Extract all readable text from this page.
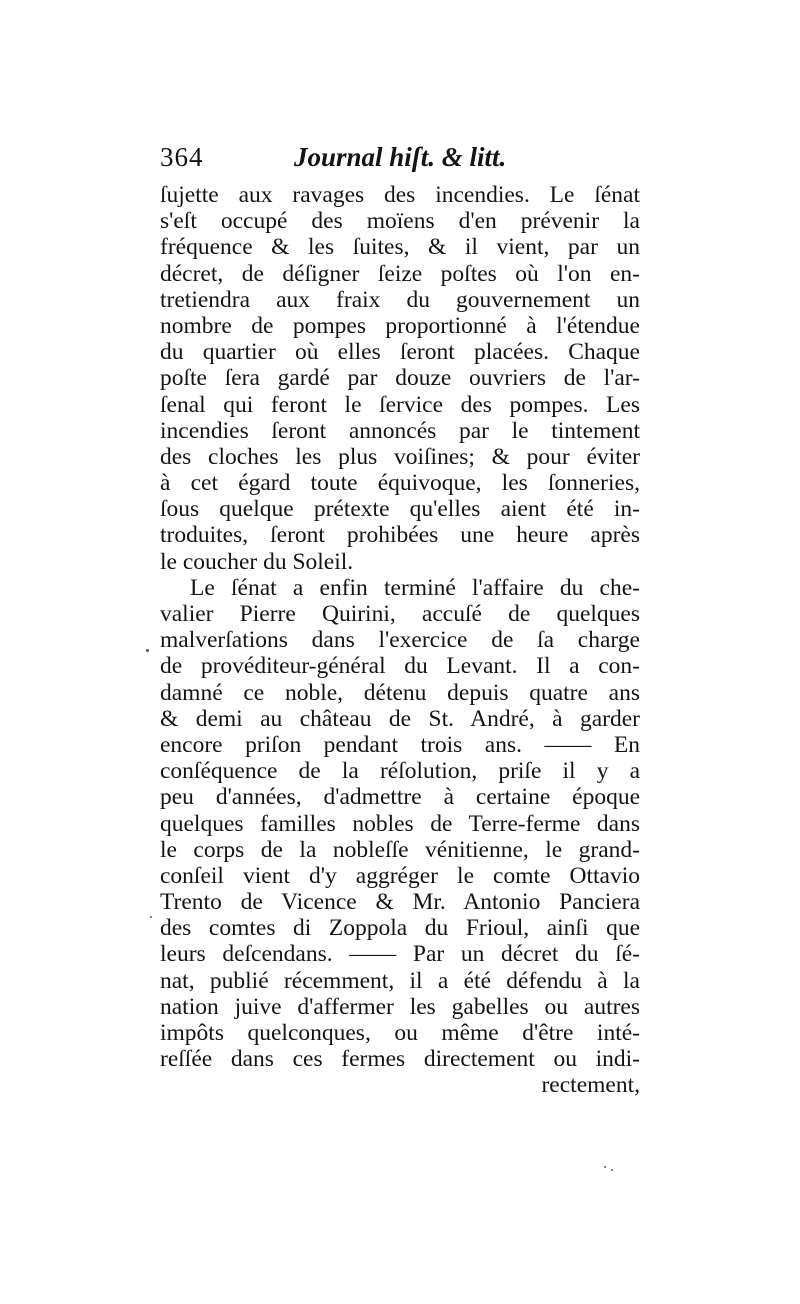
364	Journal hiſt. & litt.
ſujette aux ravages des incendies. Le ſénat
s'eſt occupé des moïens d'en prévenir la
fréquence & les ſuites, & il vient, par un
décret, de déſigner ſeize poſtes où l'on en-
tretiendra aux fraix du gouvernement un
nombre de pompes proportionné à l'étendue
du quartier où elles ſeront placées. Chaque
poſte ſera gardé par douze ouvriers de l'ar-
ſenal qui feront le ſervice des pompes. Les
incendies ſeront annoncés par le tintement
des cloches les plus voiſines; & pour éviter
à cet égard toute équivoque, les ſonneries,
ſous quelque prétexte qu'elles aient été in-
troduites, ſeront prohibées une heure après
le coucher du Soleil.
Le ſénat a enfin terminé l'affaire du che-
valier Pierre Quirini, accuſé de quelques
malverſations dans l'exercice de ſa charge
de provéditeur-général du Levant. Il a con-
damné ce noble, détenu depuis quatre ans
& demi au château de St. André, à garder
encore priſon pendant trois ans. —— En
conſéquence de la réſolution, priſe il y a
peu d'années, d'admettre à certaine époque
quelques familles nobles de Terre-ferme dans
le corps de la nobleſſe vénitienne, le grand-
conſeil vient d'y aggréger le comte Ottavio
Trento de Vicence & Mr. Antonio Panciera
des comtes di Zoppola du Frioul, ainſi que
leurs deſcendans. —— Par un décret du ſé-
nat, publié récemment, il a été défendu à la
nation juive d'affermer les gabelles ou autres
impôts quelconques, ou même d'être inté-
reſſée dans ces fermes directement ou indi-
rectement,
